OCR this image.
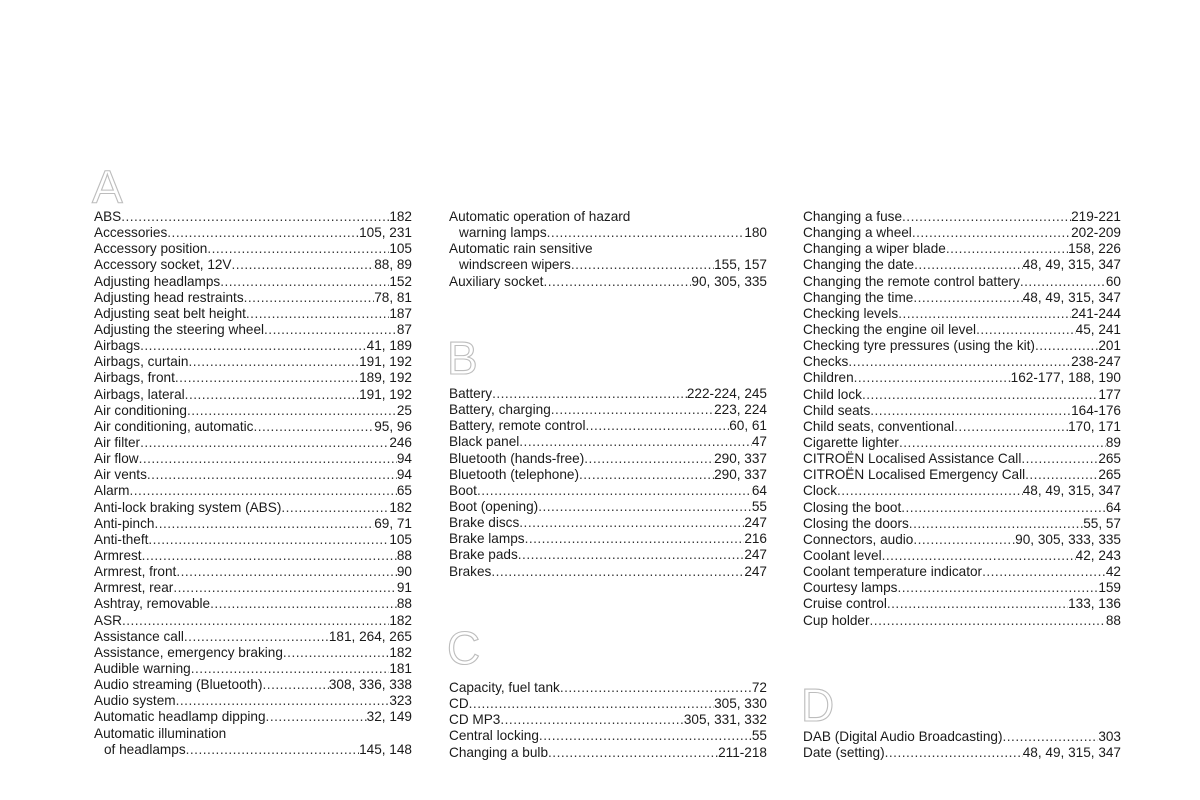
A
ABS .....	182
Accessories .....	105, 231
Accessory position .....	105
Accessory socket, 12V .....	88, 89
Adjusting headlamps .....	152
Adjusting head restraints .....	78, 81
Adjusting seat belt height .....	187
Adjusting the steering wheel .....	87
Airbags .....	41, 189
Airbags, curtain .....	191, 192
Airbags, front .....	189, 192
Airbags, lateral .....	191, 192
Air conditioning .....	25
Air conditioning, automatic .....	95, 96
Air filter .....	246
Air flow .....	94
Air vents .....	94
Alarm .....	65
Anti-lock braking system (ABS) .....	182
Anti-pinch .....	69, 71
Anti-theft .....	105
Armrest .....	88
Armrest, front .....	90
Armrest, rear .....	91
Ashtray, removable .....	88
ASR .....	182
Assistance call .....	181, 264, 265
Assistance, emergency braking .....	182
Audible warning .....	181
Audio streaming (Bluetooth) .....	308, 336, 338
Audio system .....	323
Automatic headlamp dipping .....	32, 149
Automatic illumination
of headlamps .....	145, 148
Automatic operation of hazard
warning lamps .....	180
Automatic rain sensitive
windscreen wipers .....	155, 157
Auxiliary socket .....	90, 305, 335
B
Battery .....	222-224, 245
Battery, charging .....	223, 224
Battery, remote control .....	60, 61
Black panel .....	47
Bluetooth (hands-free) .....	290, 337
Bluetooth (telephone) .....	290, 337
Boot .....	64
Boot (opening) .....	55
Brake discs .....	247
Brake lamps .....	216
Brake pads .....	247
Brakes .....	247
C
Capacity, fuel tank .....	72
CD .....	305, 330
CD MP3 .....	305, 331, 332
Central locking .....	55
Changing a bulb .....	211-218
Changing a fuse .....	219-221
Changing a wheel .....	202-209
Changing a wiper blade .....	158, 226
Changing the date .....	48, 49, 315, 347
Changing the remote control battery .....	60
Changing the time .....	48, 49, 315, 347
Checking levels .....	241-244
Checking the engine oil level .....	45, 241
Checking tyre pressures (using the kit) .....	201
Checks .....	238-247
Children .....	162-177, 188, 190
Child lock .....	177
Child seats .....	164-176
Child seats, conventional .....	170, 171
Cigarette lighter .....	89
CITROËN Localised Assistance Call .....	265
CITROËN Localised Emergency Call .....	265
Clock .....	48, 49, 315, 347
Closing the boot .....	64
Closing the doors .....	55, 57
Connectors, audio .....	90, 305, 333, 335
Coolant level .....	42, 243
Coolant temperature indicator .....	42
Courtesy lamps .....	159
Cruise control .....	133, 136
Cup holder .....	88
D
DAB (Digital Audio Broadcasting) .....	303
Date (setting) .....	48, 49, 315, 347
